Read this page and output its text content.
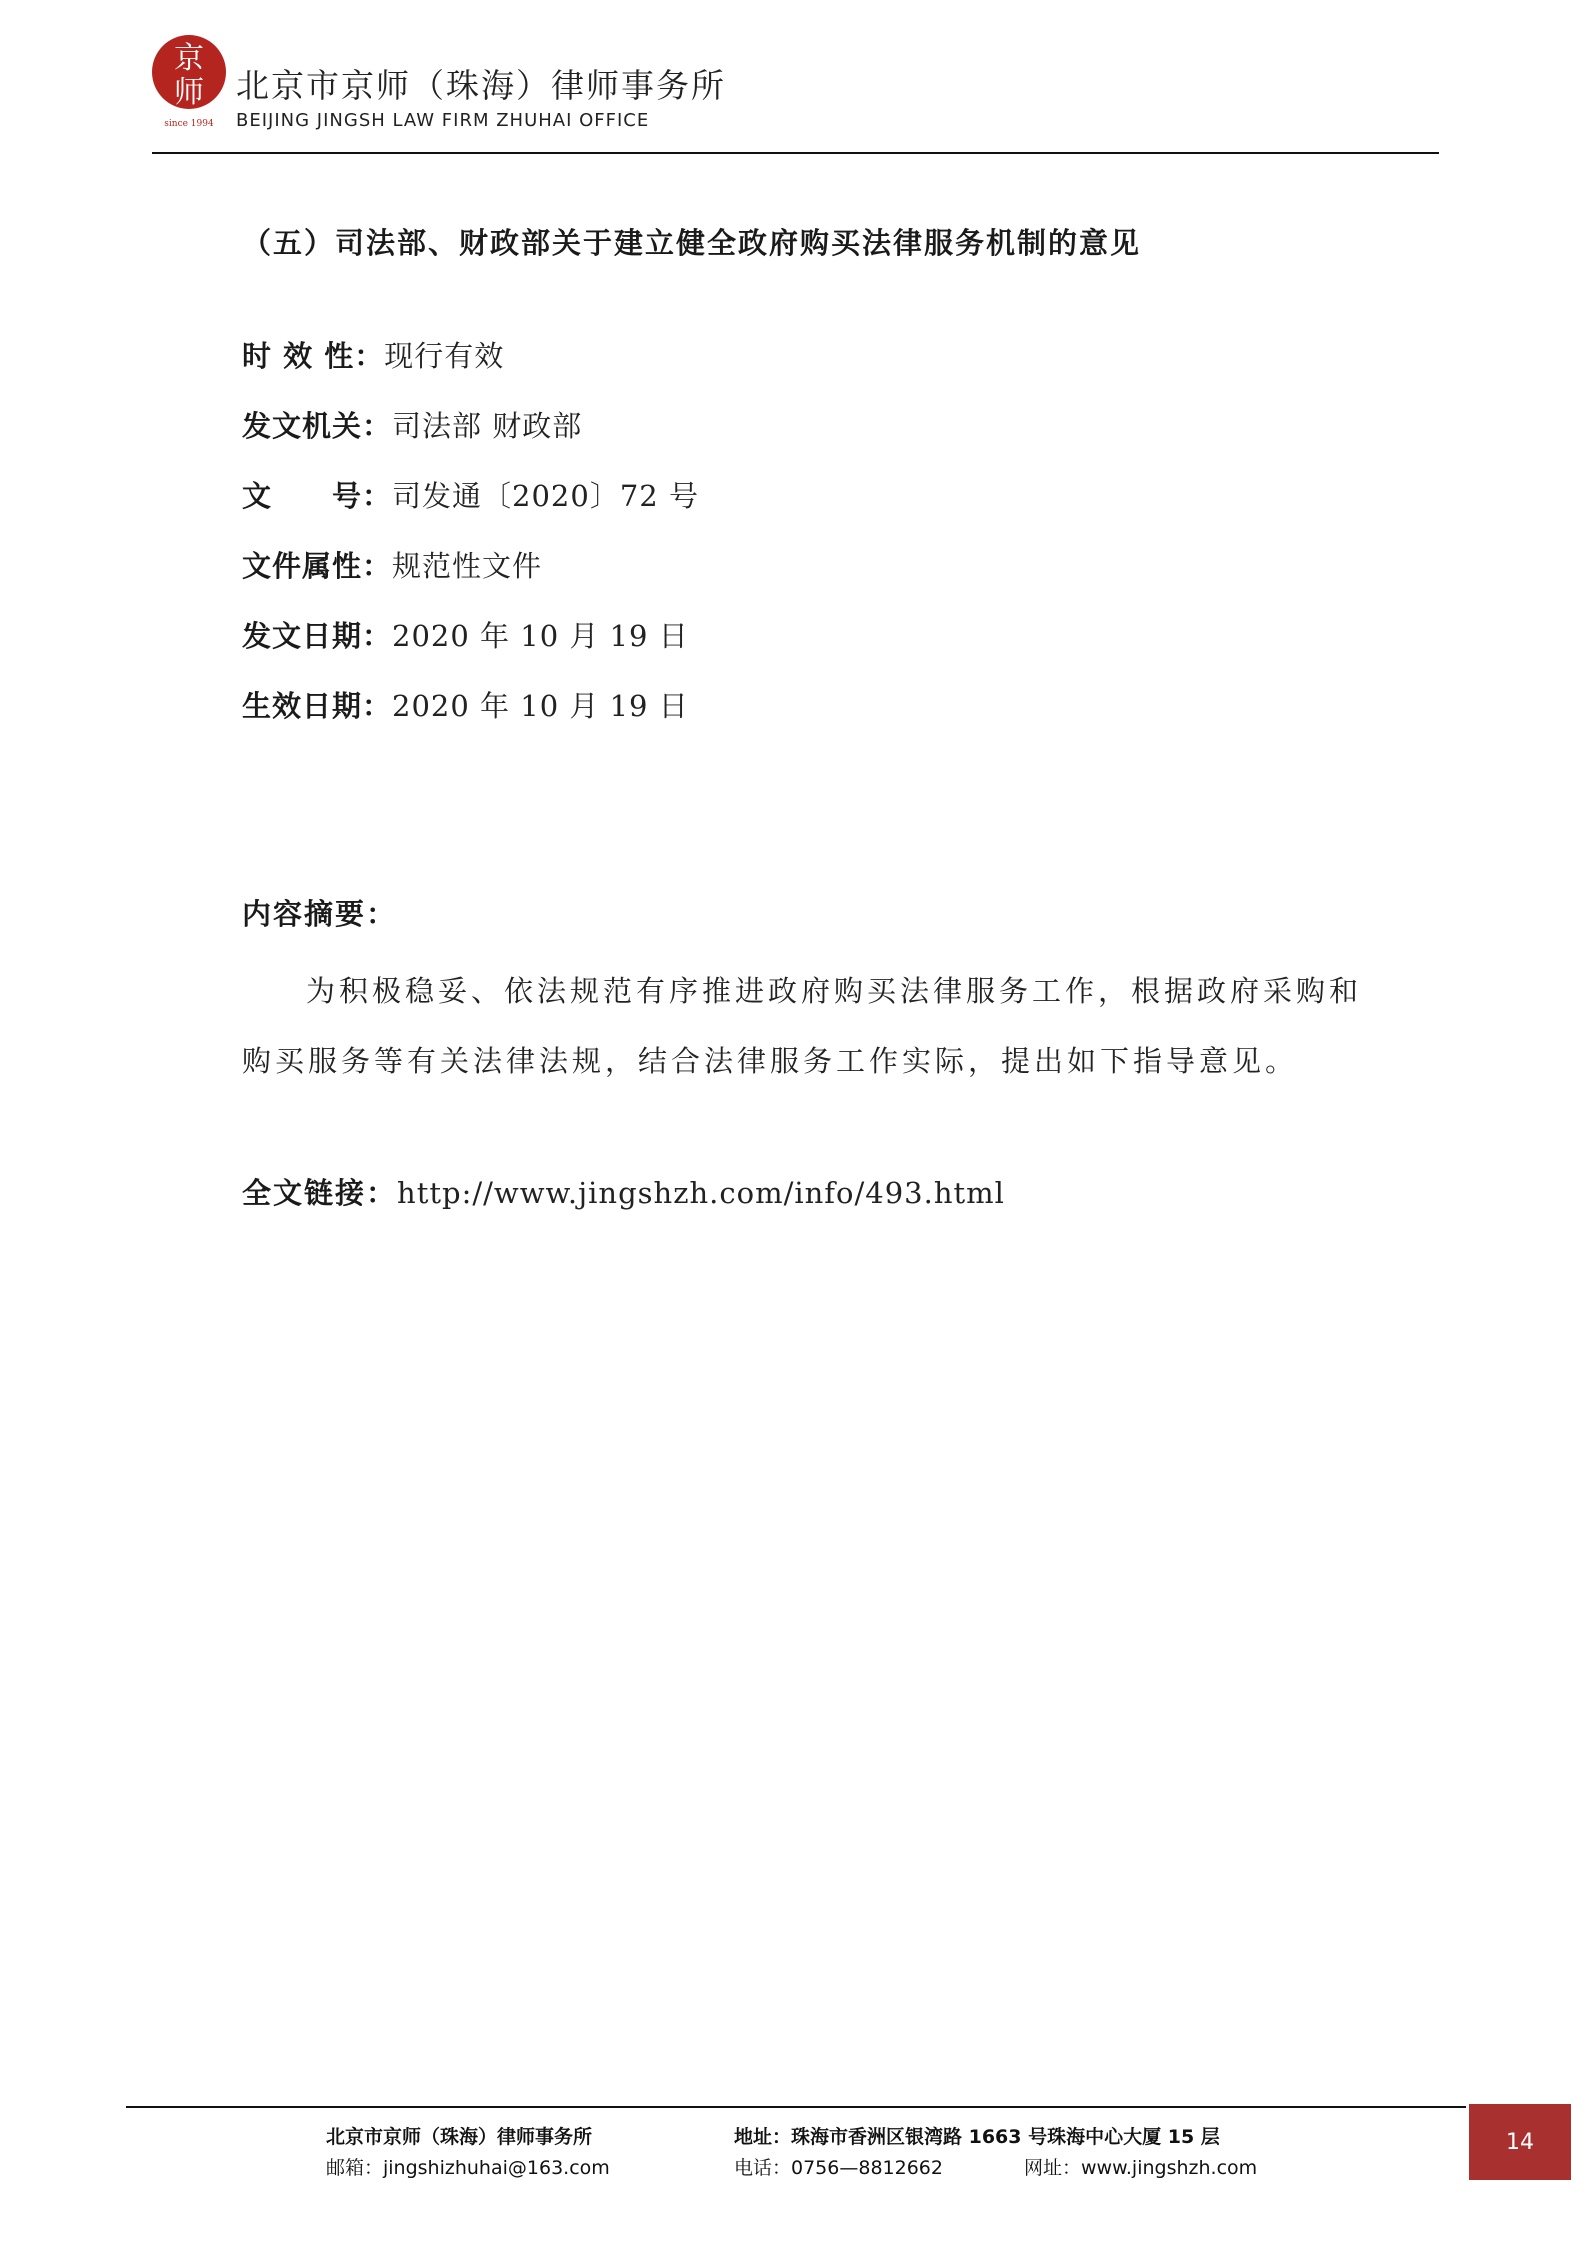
京
师
since 1994
北京市京师（珠海）律师事务所
BEIJING JINGSH LAW FIRM ZHUHAI OFFICE
（五）司法部、财政部关于建立健全政府购买法律服务机制的意见
时 效 性：现行有效
发文机关：司法部 财政部
文　　号：司发通〔2020〕72 号
文件属性：规范性文件
发文日期：2020 年 10 月 19 日
生效日期：2020 年 10 月 19 日
内容摘要：
为积极稳妥、依法规范有序推进政府购买法律服务工作，根据政府采购和购买服务等有关法律法规，结合法律服务工作实际，提出如下指导意见。
全文链接：http://www.jingshzh.com/info/493.html
北京市京师（珠海）律师事务所	地址：珠海市香洲区银湾路 1663 号珠海中心大厦 15 层
邮箱：jingshizhuhai@163.com	电话：0756—8812662	网址：www.jingshzh.com
14
